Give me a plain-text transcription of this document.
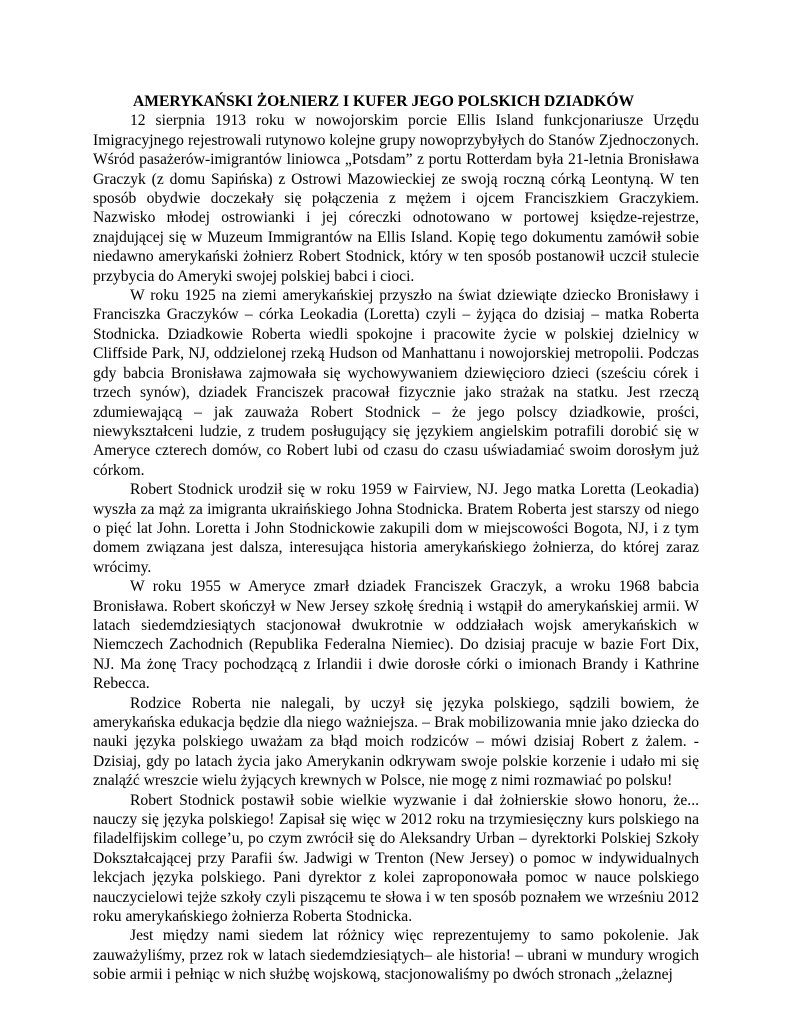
AMERYKAŃSKI ŻOŁNIERZ I KUFER JEGO POLSKICH DZIADKÓW

12 sierpnia 1913 roku w nowojorskim porcie Ellis Island funkcjonariusze Urzędu Imigracyjnego rejestrowali rutynowo kolejne grupy nowoprzybyłych do Stanów Zjednoczonych. Wśród pasażerów-imigrantów liniowca „Potsdam” z portu Rotterdam była 21-letnia Bronisława Graczyk (z domu Sapińska) z Ostrowi Mazowieckiej ze swoją roczną córką Leontyną. W ten sposób obydwie doczekały się połączenia z mężem i ojcem Franciszkiem Graczykiem. Nazwisko młodej ostrowianki i jej córeczki odnotowano w portowej księdze-rejestrze, znajdującej się w Muzeum Immigrantów na Ellis Island. Kopię tego dokumentu zamówił sobie niedawno amerykański żołnierz Robert Stodnick, który w ten sposób postanowił uczcił stulecie przybycia do Ameryki swojej polskiej babci i cioci.

W roku 1925 na ziemi amerykańskiej przyszło na świat dziewiąte dziecko Bronisławy i Franciszka Graczyków – córka Leokadia (Loretta) czyli – żyjąca do dzisiaj – matka Roberta Stodnicka. Dziadkowie Roberta wiedli spokojne i pracowite życie w polskiej dzielnicy w Cliffside Park, NJ, oddzielonej rzeką Hudson od Manhattanu i nowojorskiej metropolii. Podczas gdy babcia Bronisława zajmowała się wychowywaniem dziewięciorо dzieci (sześciu córek i trzech synów), dziadek Franciszek pracował fizycznie jako strażak na statku. Jest rzeczą zdumiewającą – jak zauważa Robert Stodnick – że jego polscy dziadkowie, prości, niewykształceni ludzie, z trudem posługujący się językiem angielskim potrafili dorobić się w Ameryce czterech domów, co Robert lubi od czasu do czasu uświadamiać swoim dorosłym już córkom.

Robert Stodnick urodził się w roku 1959 w Fairview, NJ. Jego matka Loretta (Leokadia) wyszła za mąż za imigranta ukraińskiego Johna Stodnicka. Bratem Roberta jest starszy od niego o pięć lat John. Loretta i John Stodnickowie zakupili dom w miejscowości Bogota, NJ, i z tym domem związana jest dalsza, interesująca historia amerykańskiego żołnierza, do której zaraz wrócimy.

W roku 1955 w Ameryce zmarł dziadek Franciszek Graczyk, a wroku 1968 babcia Bronisława. Robert skończył w New Jersey szkołę średnią i wstąpił do amerykańskiej armii. W latach siedemdziesiątych stacjonował dwukrotnie w oddziałach wojsk amerykańskich w Niemczech Zachodnich (Republika Federalna Niemiec). Do dzisiaj pracuje w bazie Fort Dix, NJ. Ma żonę Tracy pochodzącą z Irlandii i dwie dorosłe córki o imionach Brandy i Kathrine Rebecca.

Rodzice Roberta nie nalegali, by uczył się języka polskiego, sądzili bowiem, że amerykańska edukacja będzie dla niego ważniejsza. – Brak mobilizowania mnie jako dziecka do nauki języka polskiego uważam za błąd moich rodziców – mówi dzisiaj Robert z żalem. - Dzisiaj, gdy po latach życia jako Amerykanin odkrywam swoje polskie korzenie i udało mi się znaląźć wreszcie wielu żyjących krewnych w Polsce, nie mogę z nimi rozmawiać po polsku!

Robert Stodnick postawił sobie wielkie wyzwanie i dał żołnierskie słowo honoru, że... nauczy się języka polskiego! Zapisał się więc w 2012 roku na trzymiesięczny kurs polskiego na filadelfijskim college’u, po czym zwrócił się do Aleksandry Urban – dyrektorki Polskiej Szkoły Dokształcającej przy Parafii św. Jadwigi w Trenton (New Jersey) o pomoc w indywidualnych lekcjach języka polskiego. Pani dyrektor z kolei zaproponowała pomoc w nauce polskiego nauczycielowi tejże szkoły czyli piszącemu te słowa i w ten sposób poznałem we wrześniu 2012 roku amerykańskiego żołnierza Roberta Stodnicka.

Jest między nami siedem lat różnicy więc reprezentujemy to samo pokolenie. Jak zauważyliśmy, przez rok w latach siedemdziesiątych– ale historia! – ubrani w mundury wrogich sobie armii i pełniąc w nich służbę wojskową, stacjonowaliśmy po dwóch stronach „żelaznej
